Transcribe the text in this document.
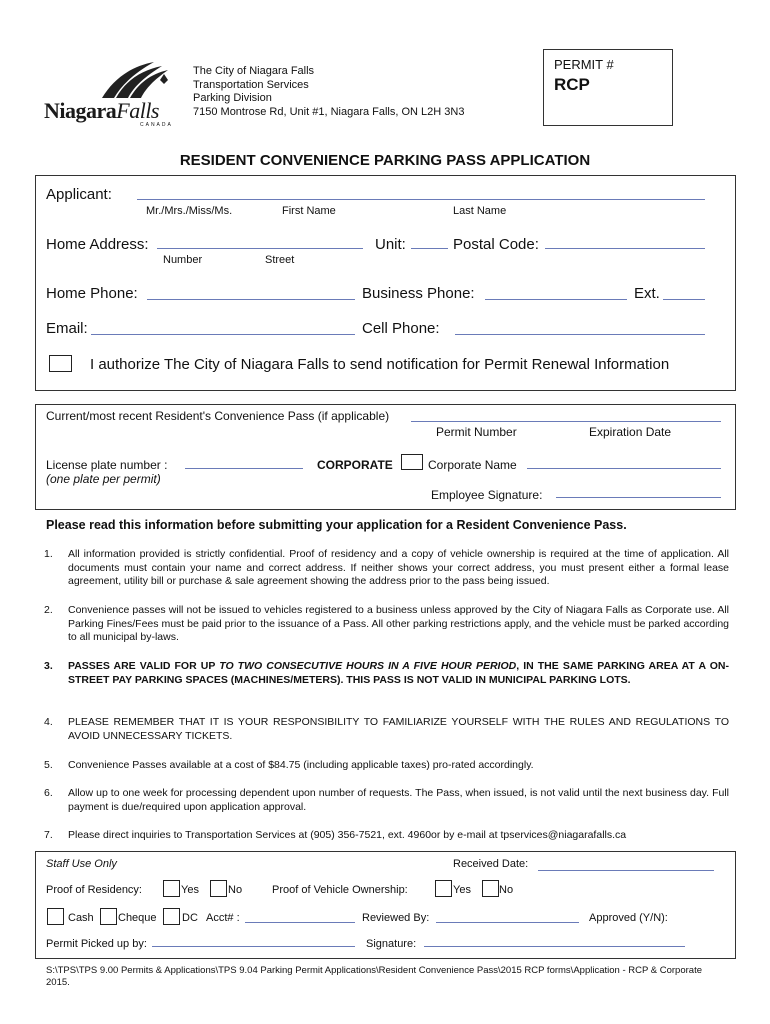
NiagaraFalls
CANADA
The City of Niagara Falls
Transportation Services
Parking Division
7150 Montrose Rd, Unit #1, Niagara Falls, ON L2H 3N3
PERMIT #
RCP
RESIDENT CONVENIENCE PARKING PASS APPLICATION
Applicant:
Mr./Mrs./Miss/Ms.	First Name	Last Name
Home Address:	Unit:	Postal Code:
Number	Street
Home Phone:	Business Phone:	Ext.
Email:	Cell Phone:
I authorize The City of Niagara Falls to send notification for Permit Renewal Information
Current/most recent Resident's Convenience Pass (if applicable)
Permit Number	Expiration Date
License plate number :
(one plate per permit)
CORPORATE	Corporate Name
Employee Signature:
Please read this information before submitting your application for a Resident Convenience Pass.
1. All information provided is strictly confidential. Proof of residency and a copy of vehicle ownership is required at the time of application. All documents must contain your name and correct address. If neither shows your correct address, you must present either a formal lease agreement, utility bill or purchase & sale agreement showing the address prior to the pass being issued.
2. Convenience passes will not be issued to vehicles registered to a business unless approved by the City of Niagara Falls as Corporate use. All Parking Fines/Fees must be paid prior to the issuance of a Pass. All other parking restrictions apply, and the vehicle must be parked according to all municipal by-laws.
3. PASSES ARE VALID FOR UP TO TWO CONSECUTIVE HOURS IN A FIVE HOUR PERIOD, IN THE SAME PARKING AREA AT A ON-STREET PAY PARKING SPACES (MACHINES/METERS). THIS PASS IS NOT VALID IN MUNICIPAL PARKING LOTS.
4. PLEASE REMEMBER THAT IT IS YOUR RESPONSIBILITY TO FAMILIARIZE YOURSELF WITH THE RULES AND REGULATIONS TO AVOID UNNECESSARY TICKETS.
5. Convenience Passes available at a cost of $84.75 (including applicable taxes) pro-rated accordingly.
6. Allow up to one week for processing dependent upon number of requests. The Pass, when issued, is not valid until the next business day. Full payment is due/required upon application approval.
7. Please direct inquiries to Transportation Services at (905) 356-7521, ext. 4960or by e-mail at tpservices@niagarafalls.ca
Staff Use Only	Received Date:
Proof of Residency:	Yes	No	Proof of Vehicle Ownership:	Yes	No
Cash Cheque DC Acct# :	Reviewed By:	Approved (Y/N):
Permit Picked up by:	Signature:
S:\TPS\TPS 9.00 Permits & Applications\TPS 9.04 Parking Permit Applications\Resident Convenience Pass\2015 RCP forms\Application - RCP & Corporate 2015.
